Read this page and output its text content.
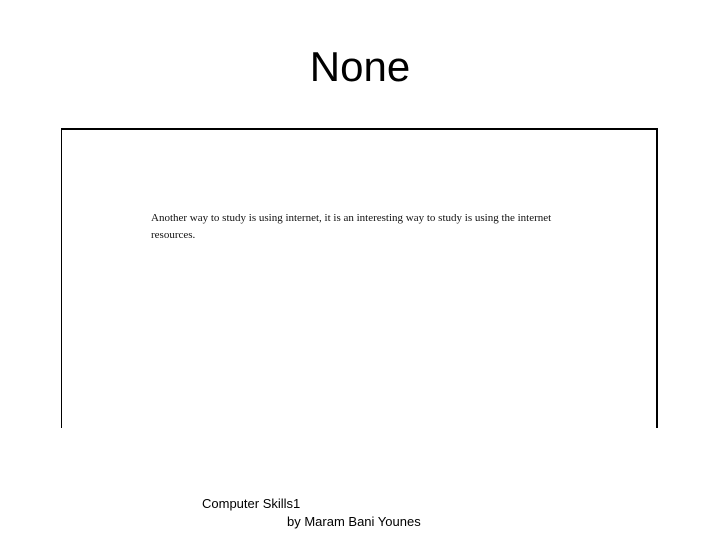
None
Another way to study is using internet, it is an interesting way to study is using the internet resources.
Computer Skills1
by Maram Bani Younes
